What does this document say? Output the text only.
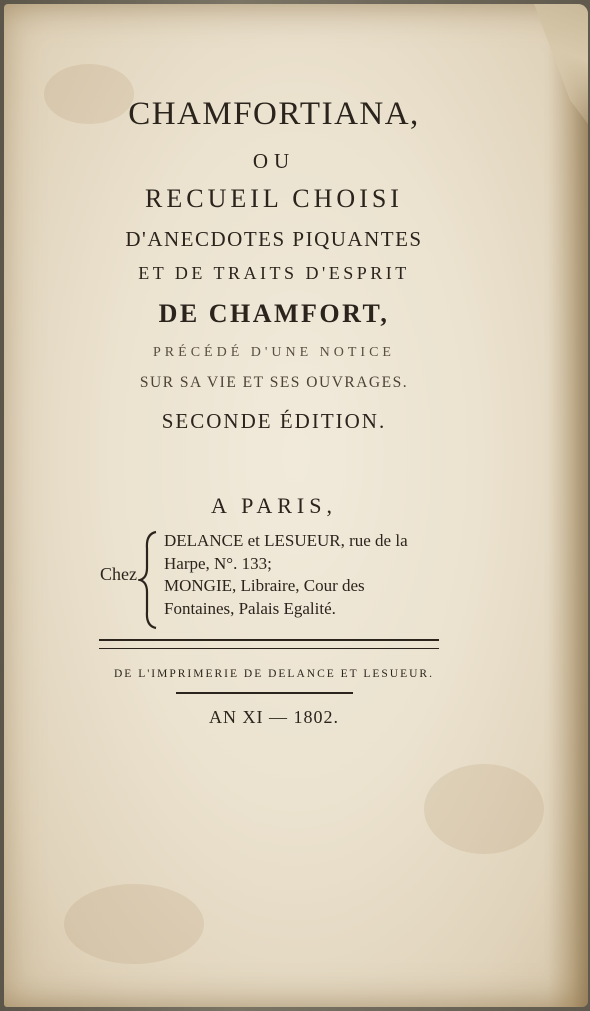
CHAMFORTIANA,
OU
RECUEIL CHOISI
D'ANECDOTES PIQUANTES
ET DE TRAITS D'ESPRIT
DE CHAMFORT,
PRÉCÉDÉ D'UNE NOTICE
SUR SA VIE ET SES OUVRAGES.
SECONDE ÉDITION.
A PARIS,
Chez
DELANCE et LESUEUR, rue de la
Harpe, N°. 133;
MONGIE, Libraire, Cour des
Fontaines, Palais Egalité.
DE L'IMPRIMERIE DE DELANCE ET LESUEUR.
AN XI — 1802.
